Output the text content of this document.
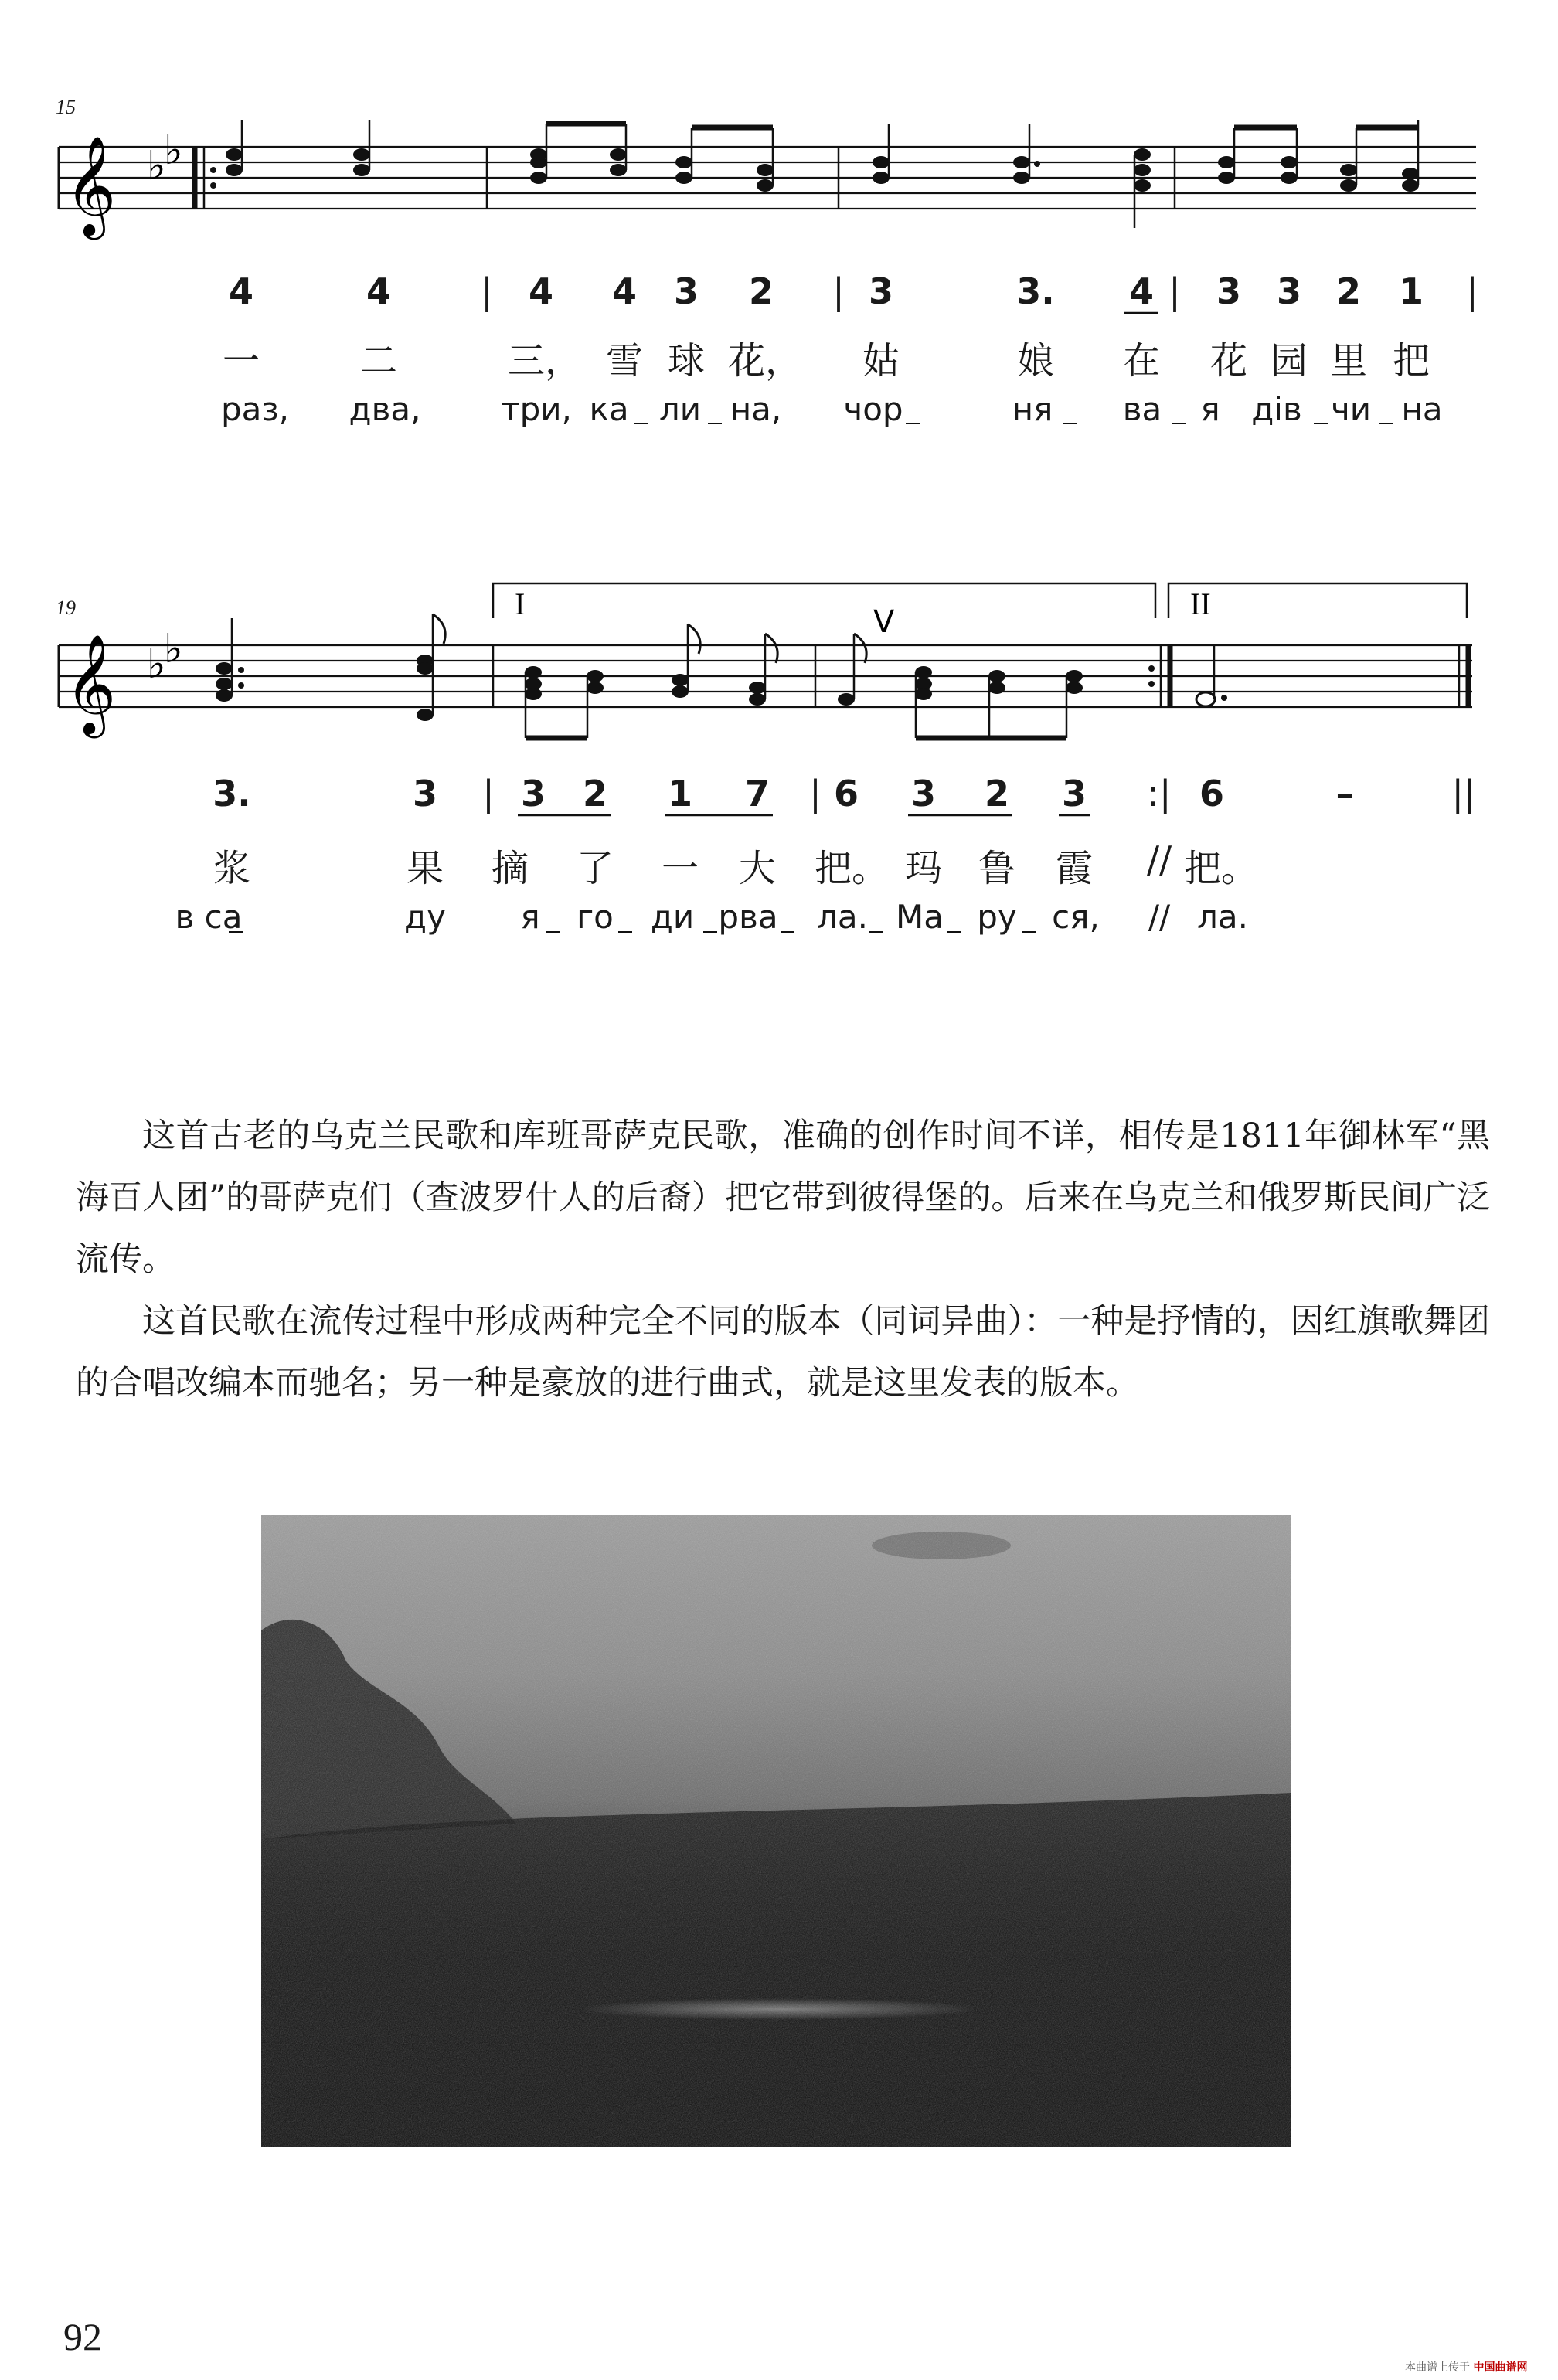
15
𝄞 ♭
♭
4	4	| 4 4 3 2 | 3	3. 4 | 3 3 2 1 |
一	二	三， 雪 球 花， 姑	娘 在 花 园 里 把
раз, два, три, ка ли на, чор	ня ва я дів чи на
19	I	II
V
𝄞 ♭
♭
3.	3 | 3 2 1 7 | 6 3 2 3 :| 6	–	||
浆	果 摘 了 一 大 把。 玛 鲁 霞 // 把。
в са	ду я го ди рва ла. Ма ру ся, // ла.

这首古老的乌克兰民歌和库班哥萨克民歌，准确的创作时间不详，相传是1811年御林军“黑海百人团”的哥萨克们（查波罗什人的后裔）把它带到彼得堡的。后来在乌克兰和俄罗斯民间广泛流传。

这首民歌在流传过程中形成两种完全不同的版本（同词异曲）：一种是抒情的，因红旗歌舞团的合唱改编本而驰名；另一种是豪放的进行曲式，就是这里发表的版本。

92
本曲谱上传于 中国曲谱网
